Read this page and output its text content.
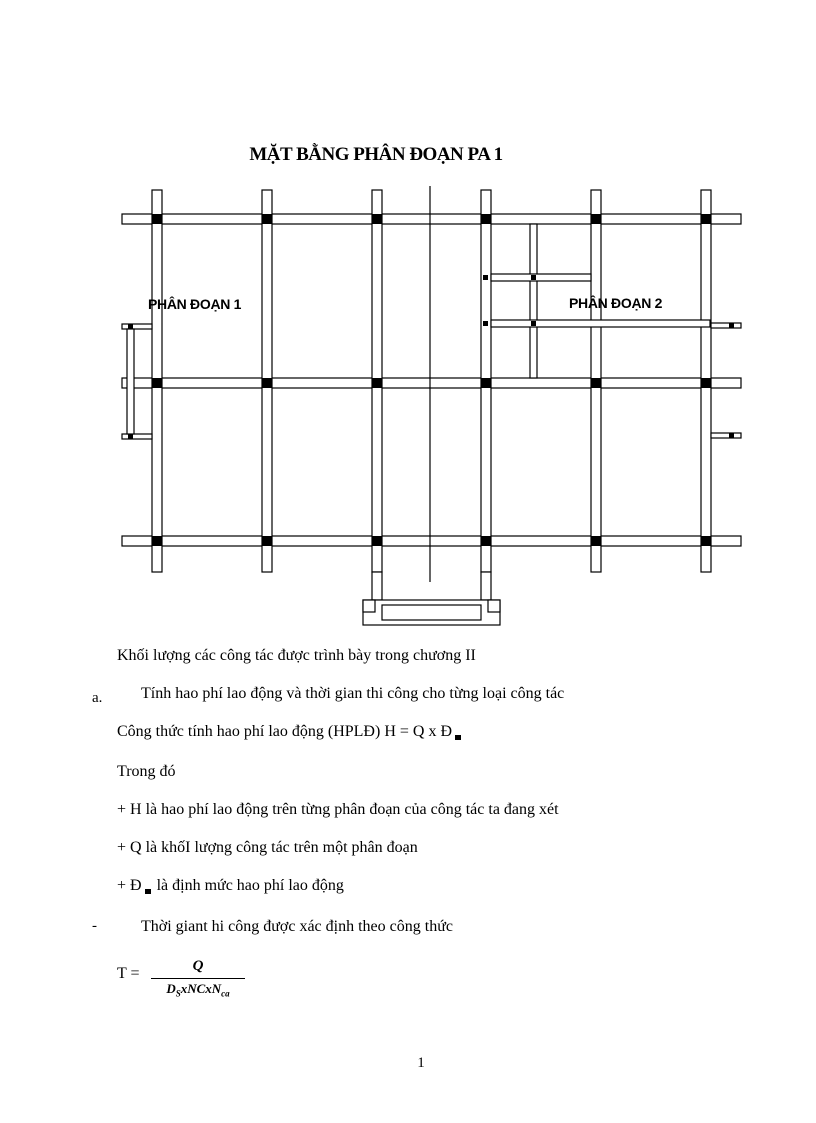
MẶT BẰNG PHÂN ĐOẠN PA 1
PHÂN ĐOẠN 1	PHÂN ĐOẠN 2
Khối lượng các công tác được trình bày trong chương II
a. Tính hao phí lao động và thời gian thi công cho từng loại công tác
Công thức tính hao phí lao động (HPLĐ) H = Q x Đ
Trong đó
+ H là hao phí lao động trên từng phân đoạn của công tác ta đang xét
+ Q là khốI lượng công tác trên một phân đoạn
+ Đ là định mức hao phí lao động
-	Thời giant hi công được xác định theo công thức
T =	Q
$D_SxNCxN_{ca}$
1
